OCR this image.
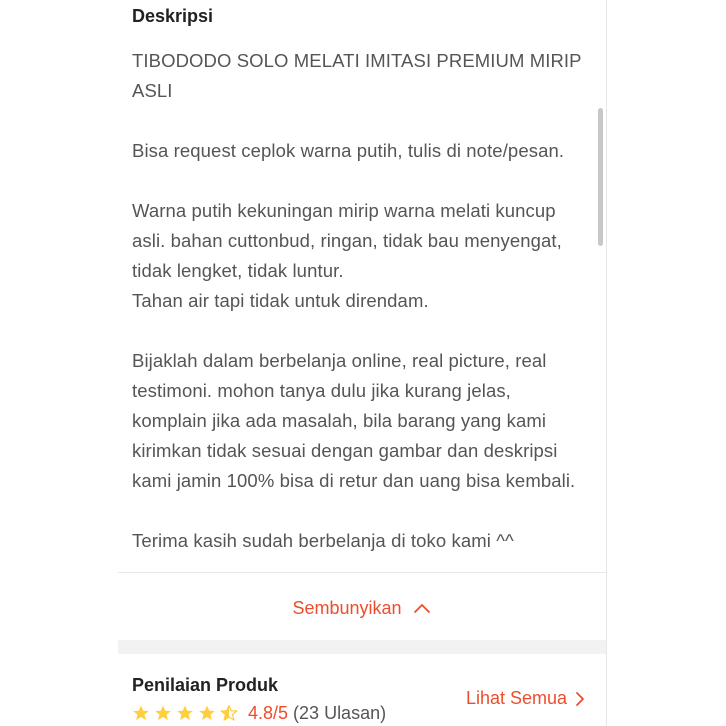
Deskripsi

TIBODODO SOLO MELATI IMITASI PREMIUM MIRIP
ASLI

Bisa request ceplok warna putih, tulis di note/pesan.

Warna putih kekuningan mirip warna melati kuncup
asli. bahan cuttonbud, ringan, tidak bau menyengat,
tidak lengket, tidak luntur.
Tahan air tapi tidak untuk direndam.

Bijaklah dalam berbelanja online, real picture, real
testimoni. mohon tanya dulu jika kurang jelas,
komplain jika ada masalah, bila barang yang kami
kirimkan tidak sesuai dengan gambar dan deskripsi
kami jamin 100% bisa di retur dan uang bisa kembali.

Terima kasih sudah berbelanja di toko kami ^^

Sembunyikan
Penilaian Produk
4.8/5 (23 Ulasan)
Lihat Semua
